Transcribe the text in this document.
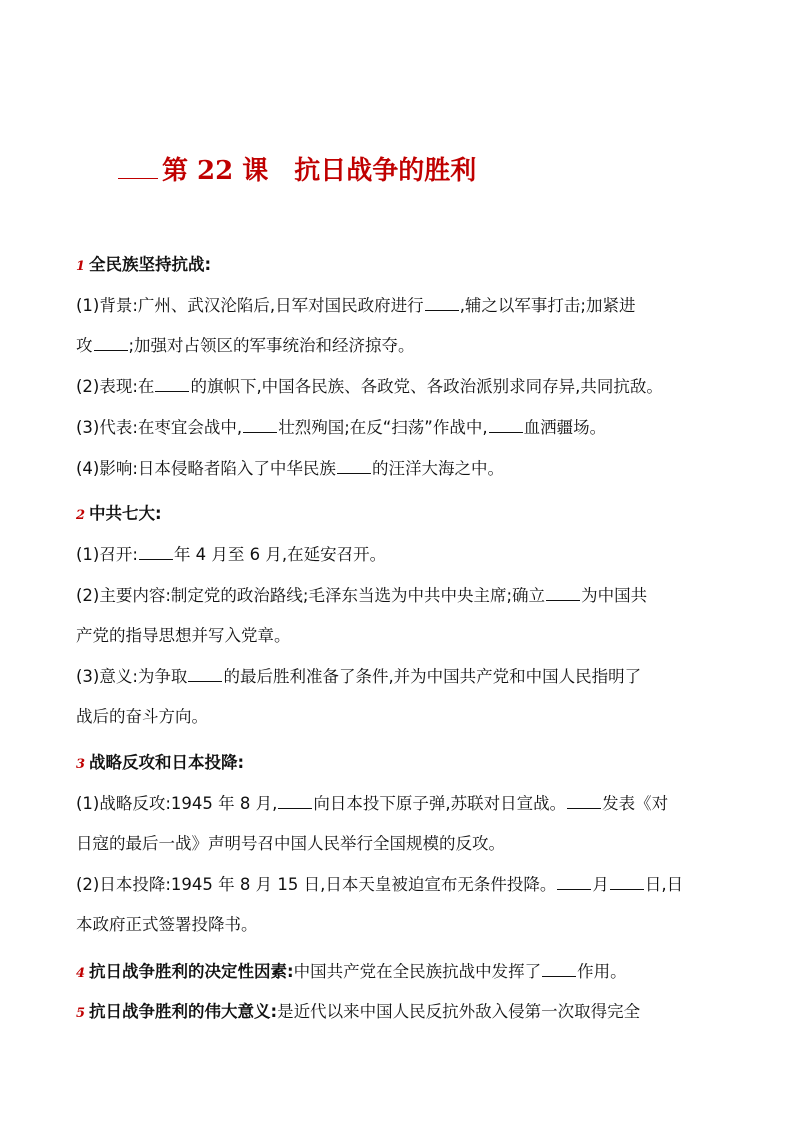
第 22 课 抗日战争的胜利
1 全民族坚持抗战:
(1)背景:广州、武汉沦陷后,日军对国民政府进行 ,辅之以军事打击;加紧进
攻 ;加强对占领区的军事统治和经济掠夺。
(2)表现:在 的旗帜下,中国各民族、各政党、各政治派别求同存异,共同抗敌。
(3)代表:在枣宜会战中, 壮烈殉国;在反“扫荡”作战中, 血洒疆场。
(4)影响:日本侵略者陷入了中华民族 的汪洋大海之中。
2 中共七大:
(1)召开: 年 4 月至 6 月,在延安召开。
(2)主要内容:制定党的政治路线;毛泽东当选为中共中央主席;确立 为中国共
产党的指导思想并写入党章。
(3)意义:为争取 的最后胜利准备了条件,并为中国共产党和中国人民指明了
战后的奋斗方向。
3 战略反攻和日本投降:
(1)战略反攻:1945 年 8 月, 向日本投下原子弹,苏联对日宣战。 发表《对
日寇的最后一战》声明号召中国人民举行全国规模的反攻。
(2)日本投降:1945 年 8 月 15 日,日本天皇被迫宣布无条件投降。 月 日,日
本政府正式签署投降书。
4 抗日战争胜利的决定性因素:中国共产党在全民族抗战中发挥了 作用。
5 抗日战争胜利的伟大意义:是近代以来中国人民反抗外敌入侵第一次取得完全
